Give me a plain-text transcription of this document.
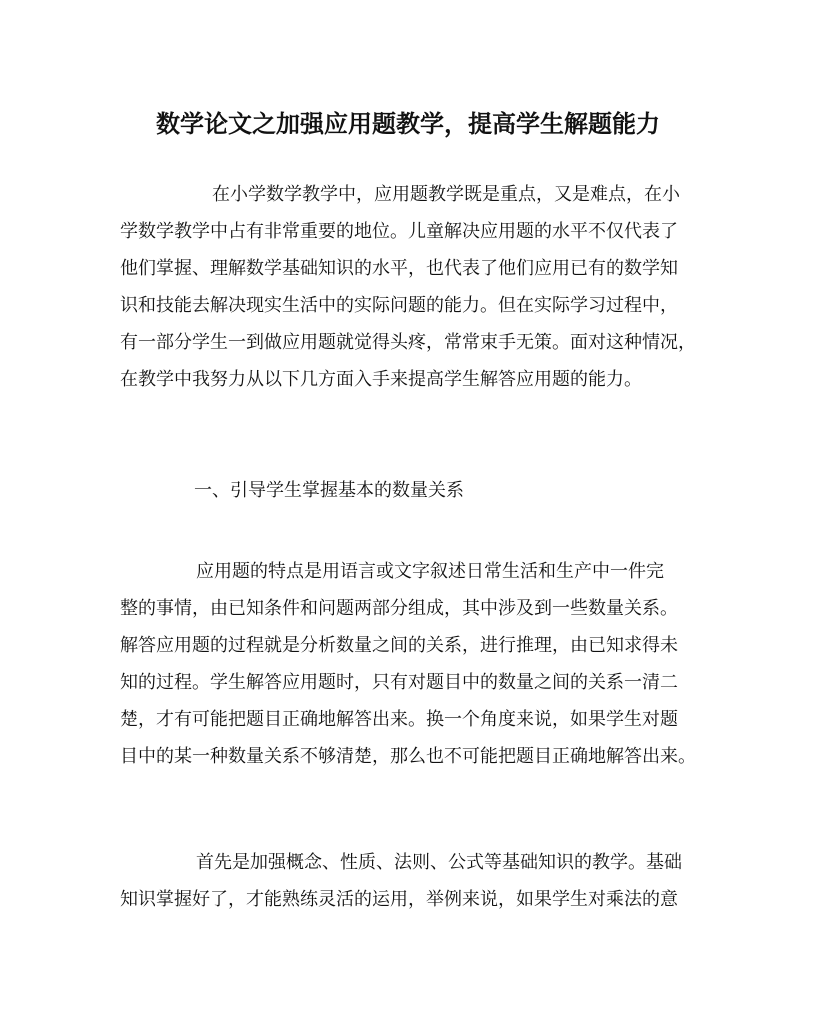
数学论文之加强应用题教学，提高学生解题能力
在小学数学教学中，应用题教学既是重点，又是难点，在小
学数学教学中占有非常重要的地位。儿童解决应用题的水平不仅代表了
他们掌握、理解数学基础知识的水平，也代表了他们应用已有的数学知
识和技能去解决现实生活中的实际问题的能力。但在实际学习过程中，
有一部分学生一到做应用题就觉得头疼，常常束手无策。面对这种情况，
在教学中我努力从以下几方面入手来提高学生解答应用题的能力。
一、引导学生掌握基本的数量关系
应用题的特点是用语言或文字叙述日常生活和生产中一件完
整的事情，由已知条件和问题两部分组成，其中涉及到一些数量关系。
解答应用题的过程就是分析数量之间的关系，进行推理，由已知求得未
知的过程。学生解答应用题时，只有对题目中的数量之间的关系一清二
楚，才有可能把题目正确地解答出来。换一个角度来说，如果学生对题
目中的某一种数量关系不够清楚，那么也不可能把题目正确地解答出来。
首先是加强概念、性质、法则、公式等基础知识的教学。基础
知识掌握好了，才能熟练灵活的运用，举例来说，如果学生对乘法的意
